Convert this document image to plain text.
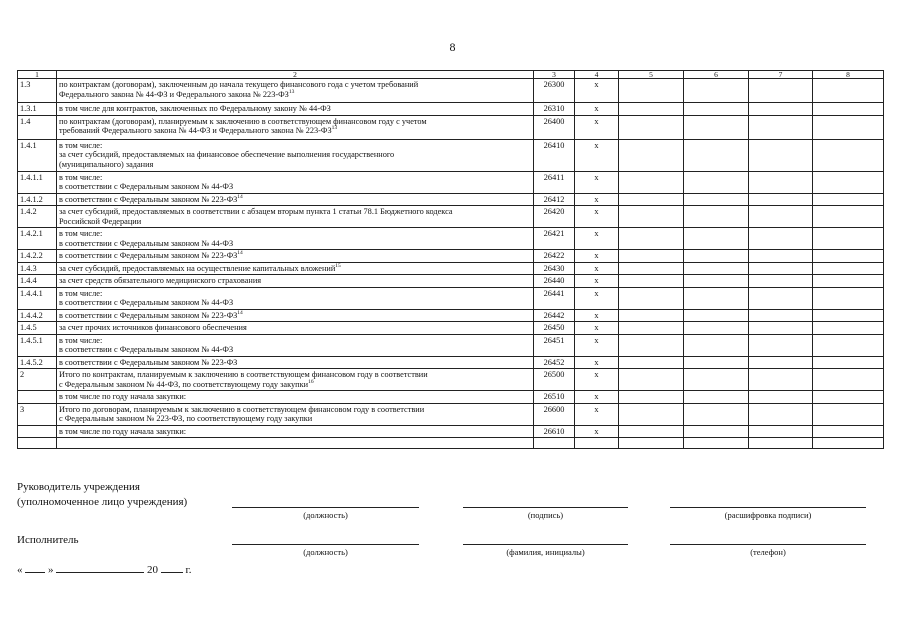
8
1	2	3	4	5	6	7	8
1.3	по контрактам (договорам), заключенным до начала текущего финансового года с учетом требований
Федерального закона № 44-ФЗ и Федерального закона № 223-ФЗ$^{13}$	26300	x				
1.3.1	в том числе для контрактов, заключенных по Федеральному закону № 44-ФЗ	26310	x				
1.4	по контрактам (договорам), планируемым к заключению в соответствующем финансовом году с учетом
требований Федерального закона № 44-ФЗ и Федерального закона № 223-ФЗ$^{13}$	26400	x				
1.4.1	в том числе:
за счет субсидий, предоставляемых на финансовое обеспечение выполнения государственного
(муниципального) задания	26410	x				
1.4.1.1	в том числе:
в соответствии с Федеральным законом № 44-ФЗ	26411	x				
1.4.1.2	в соответствии с Федеральным законом № 223-ФЗ$^{14}$	26412	x				
1.4.2	за счет субсидий, предоставляемых в соответствии с абзацем вторым пункта 1 статьи 78.1 Бюджетного кодекса
Российской Федерации	26420	x				
1.4.2.1	в том числе:
в соответствии с Федеральным законом № 44-ФЗ	26421	x				
1.4.2.2	в соответствии с Федеральным законом № 223-ФЗ$^{14}$	26422	x				
1.4.3	за счет субсидий, предоставляемых на осуществление капитальных вложений$^{15}$	26430	x				
1.4.4	за счет средств обязательного медицинского страхования	26440	x				
1.4.4.1	в том числе:
в соответствии с Федеральным законом № 44-ФЗ	26441	x				
1.4.4.2	в соответствии с Федеральным законом № 223-ФЗ$^{14}$	26442	x				
1.4.5	за счет прочих источников финансового обеспечения	26450	x				
1.4.5.1	в том числе:
в соответствии с Федеральным законом № 44-ФЗ	26451	x				
1.4.5.2	в соответствии с Федеральным законом № 223-ФЗ	26452	x				
2	Итого по контрактам, планируемым к заключению в соответствующем финансовом году в соответствии
с Федеральным законом № 44-ФЗ, по соответствующему году закупки$^{16}$	26500	x				

	в том числе по году начала закупки:	26510	x				
3	Итого по договорам, планируемым к заключению в соответствующем финансовом году в соответствии
с Федеральным законом № 223-ФЗ, по соответствующему году закупки	26600	x				

	в том числе по году начала закупки:	26610	x				

Руководитель учреждения
(уполномоченное лицо учреждения)
(должность)	(подпись)	(расшифровка подписи)
Исполнитель
(должность)	(фамилия, инициалы)	(телефон)
« »	20	г.
